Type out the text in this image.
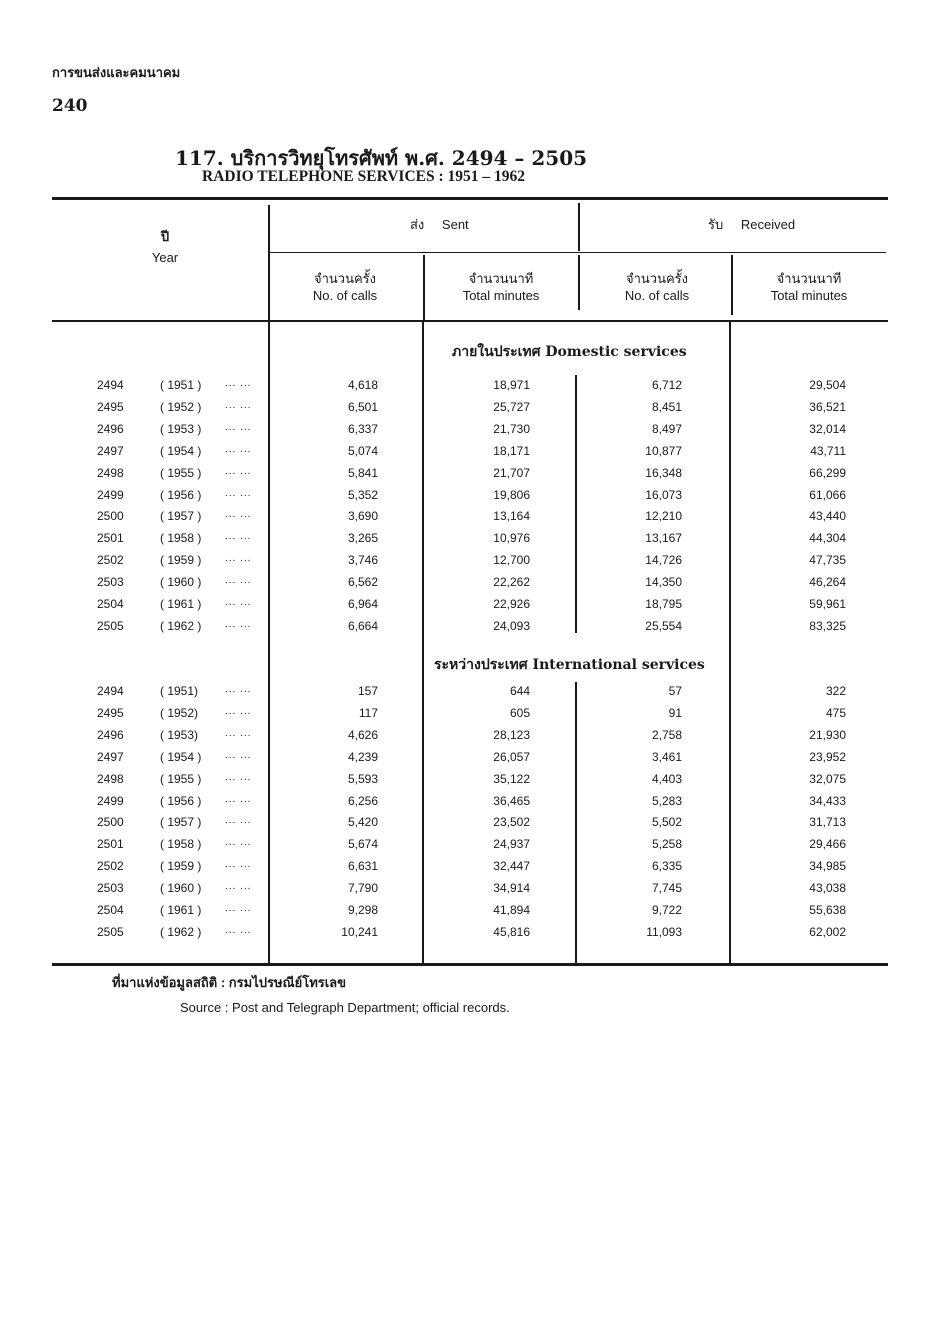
การขนส่งและคมนาคม
240
117. บริการวิทยุโทรศัพท์ พ.ศ. 2494 – 2505
RADIO TELEPHONE SERVICES : 1951 – 1962
ปี
Year
ส่ง Sent	รับ Received
จำนวนครั้ง
No. of calls
จำนวนนาที
Total minutes
จำนวนครั้ง
No. of calls
จำนวนนาที
Total minutes
ภายในประเทศ Domestic services
ระหว่างประเทศ International services
2494	( 1951 ) ... ...	4,618	18,971	6,712	29,504
2495	( 1952 ) ... ...	6,501	25,727	8,451	36,521
2496	( 1953 ) ... ...	6,337	21,730	8,497	32,014
2497	( 1954 ) ... ...	5,074	18,171	10,877	43,711
2498	( 1955 ) ... ...	5,841	21,707	16,348	66,299
2499	( 1956 ) ... ...	5,352	19,806	16,073	61,066
2500	( 1957 ) ... ...	3,690	13,164	12,210	43,440
2501	( 1958 ) ... ...	3,265	10,976	13,167	44,304
2502	( 1959 ) ... ...	3,746	12,700	14,726	47,735
2503	( 1960 ) ... ...	6,562	22,262	14,350	46,264
2504	( 1961 ) ... ...	6,964	22,926	18,795	59,961
2505	( 1962 ) ... ...	6,664	24,093	25,554	83,325
2494	( 1951)	... ...	157	644	57	322
2495	( 1952)	... ...	117	605	91	475
2496	( 1953)	... ...	4,626	28,123	2,758	21,930
2497	( 1954 ) ... ...	4,239	26,057	3,461	23,952
2498	( 1955 ) ... ...	5,593	35,122	4,403	32,075
2499	( 1956 ) ... ...	6,256	36,465	5,283	34,433
2500	( 1957 ) ... ...	5,420	23,502	5,502	31,713
2501	( 1958 ) ... ...	5,674	24,937	5,258	29,466
2502	( 1959 ) ... ...	6,631	32,447	6,335	34,985
2503	( 1960 ) ... ...	7,790	34,914	7,745	43,038
2504	( 1961 ) ... ...	9,298	41,894	9,722	55,638
2505	( 1962 ) ... ...	10,241	45,816	11,093	62,002
ที่มาแห่งข้อมูลสถิติ : กรมไปรษณีย์โทรเลข
Source : Post and Telegraph Department; official records.
